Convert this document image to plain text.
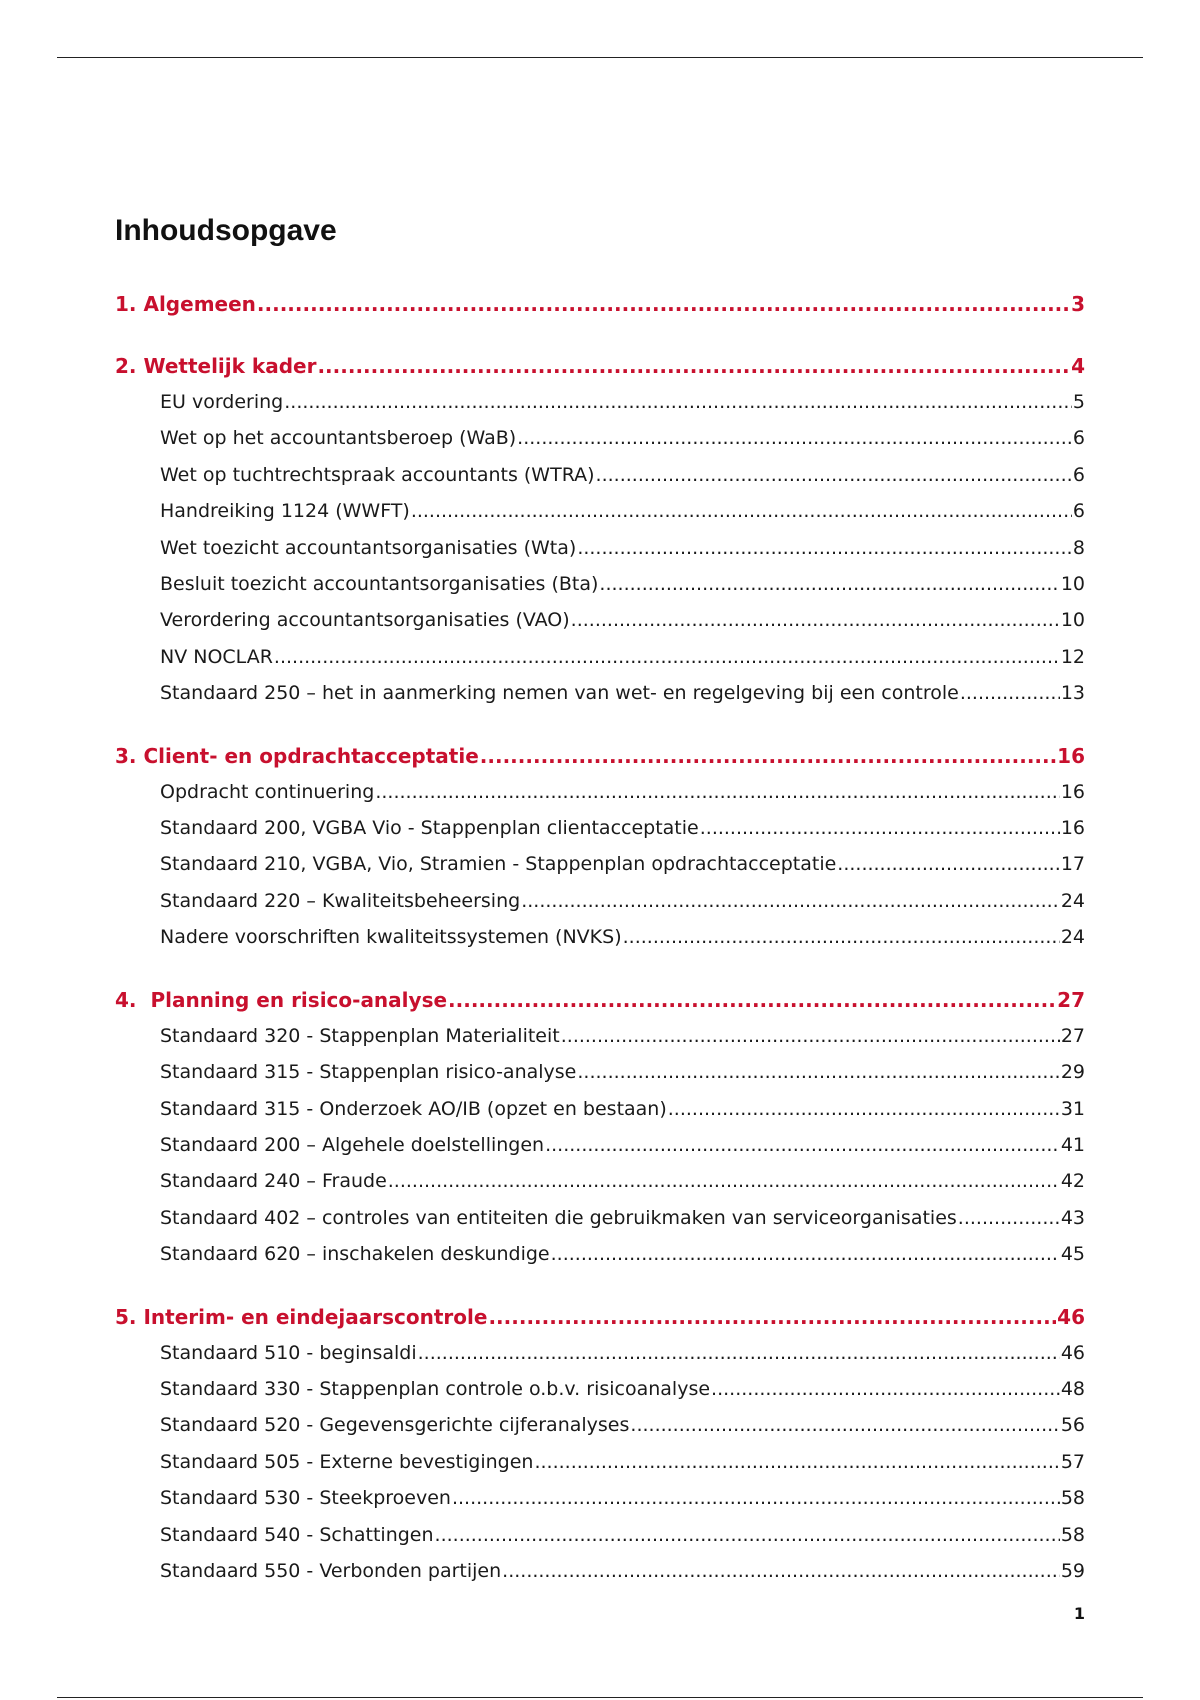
Inhoudsopgave
1. Algemeen .....	3
2. Wettelijk kader .....	4
EU vordering .....	5
Wet op het accountantsberoep (WaB) .....	6
Wet op tuchtrechtspraak accountants (WTRA) .....	6
Handreiking 1124 (WWFT) .....	6
Wet toezicht accountantsorganisaties (Wta) .....	8
Besluit toezicht accountantsorganisaties (Bta) .....	10
Verordering accountantsorganisaties (VAO) .....	10
NV NOCLAR .....	12
Standaard 250 – het in aanmerking nemen van wet- en regelgeving bij een controle .....	13
3. Client- en opdrachtacceptatie .....	16
Opdracht continuering .....	16
Standaard 200, VGBA Vio - Stappenplan clientacceptatie .....	16
Standaard 210, VGBA, Vio, Stramien - Stappenplan opdrachtacceptatie .....	17
Standaard 220 – Kwaliteitsbeheersing .....	24
Nadere voorschriften kwaliteitssystemen (NVKS) .....	24
4.  Planning en risico-analyse .....	27
Standaard 320 - Stappenplan Materialiteit .....	27
Standaard 315 - Stappenplan risico-analyse .....	29
Standaard 315 - Onderzoek AO/IB (opzet en bestaan) .....	31
Standaard 200 – Algehele doelstellingen .....	41
Standaard 240 – Fraude .....	42
Standaard 402 – controles van entiteiten die gebruikmaken van serviceorganisaties .....	43
Standaard 620 – inschakelen deskundige .....	45
5. Interim- en eindejaarscontrole .....	46
Standaard 510 - beginsaldi .....	46
Standaard 330 - Stappenplan controle o.b.v. risicoanalyse .....	48
Standaard 520 - Gegevensgerichte cijferanalyses .....	56
Standaard 505 - Externe bevestigingen .....	57
Standaard 530 - Steekproeven .....	58
Standaard 540 - Schattingen .....	58
Standaard 550 - Verbonden partijen .....	59
1
